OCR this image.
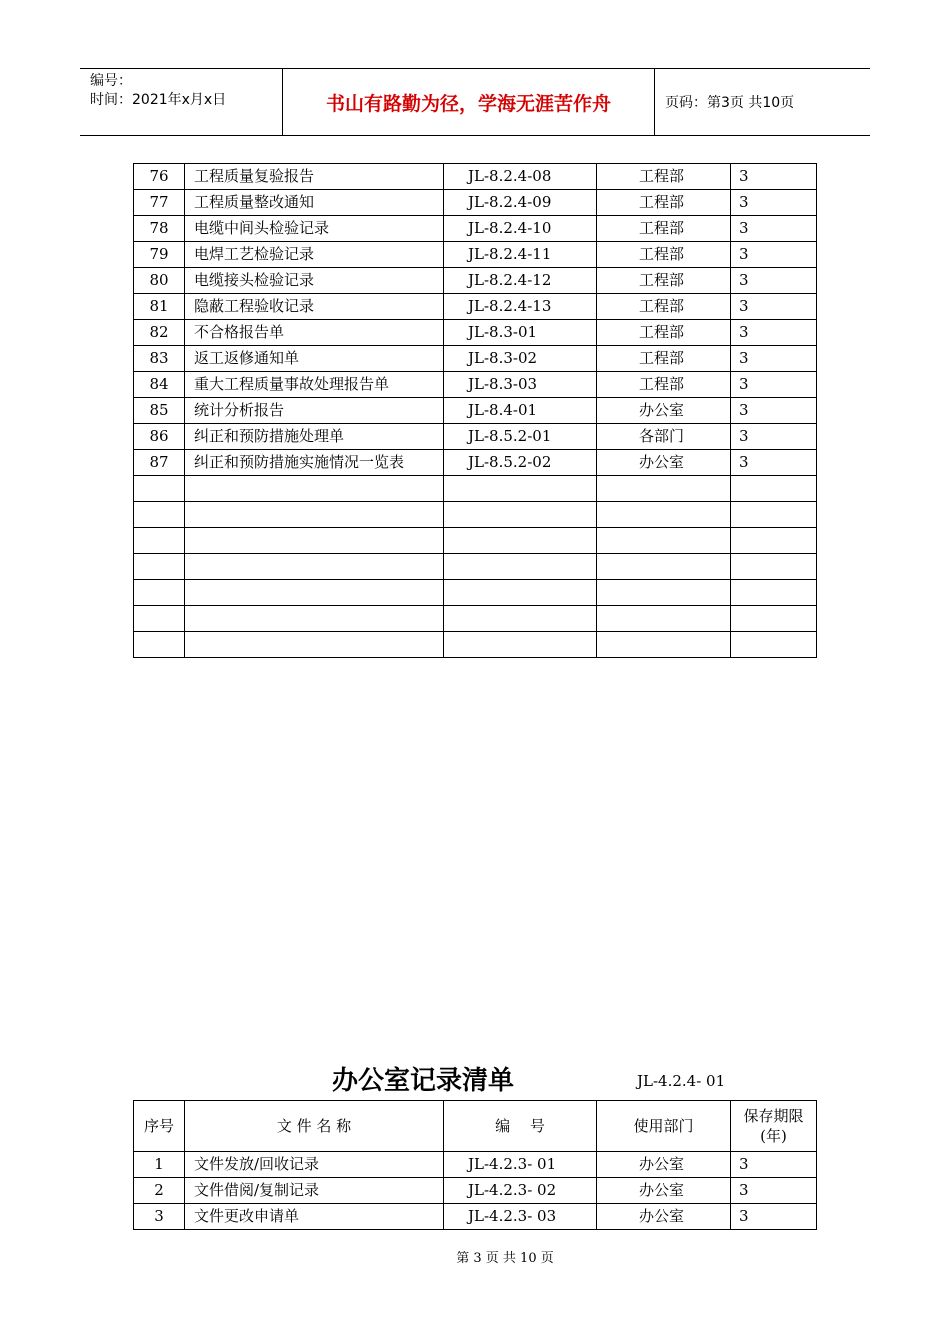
编号：
时间：2021年x月x日	书山有路勤为径，学海无涯苦作舟	页码：第3页 共10页
76	工程质量复验报告	JL-8.2.4-08	工程部	3
77	工程质量整改通知	JL-8.2.4-09	工程部	3
78	电缆中间头检验记录	JL-8.2.4-10	工程部	3
79	电焊工艺检验记录	JL-8.2.4-11	工程部	3
80	电缆接头检验记录	JL-8.2.4-12	工程部	3
81	隐蔽工程验收记录	JL-8.2.4-13	工程部	3
82	不合格报告单	JL-8.3-01	工程部	3
83	返工返修通知单	JL-8.3-02	工程部	3
84	重大工程质量事故处理报告单	JL-8.3-03	工程部	3
85	统计分析报告	JL-8.4-01	办公室	3
86	纠正和预防措施处理单	JL-8.5.2-01	各部门	3
87	纠正和预防措施实施情况一览表	JL-8.5.2-02	办公室	3

办公室记录清单	JL-4.2.4- 01
序号	文 件 名 称	编　 号	使用部门	保存期限
(年)

1	文件发放/回收记录	JL-4.2.3- 01	办公室	3
2	文件借阅/复制记录	JL-4.2.3- 02	办公室	3
3	文件更改申请单	JL-4.2.3- 03	办公室	3
第 3 页 共 10 页
